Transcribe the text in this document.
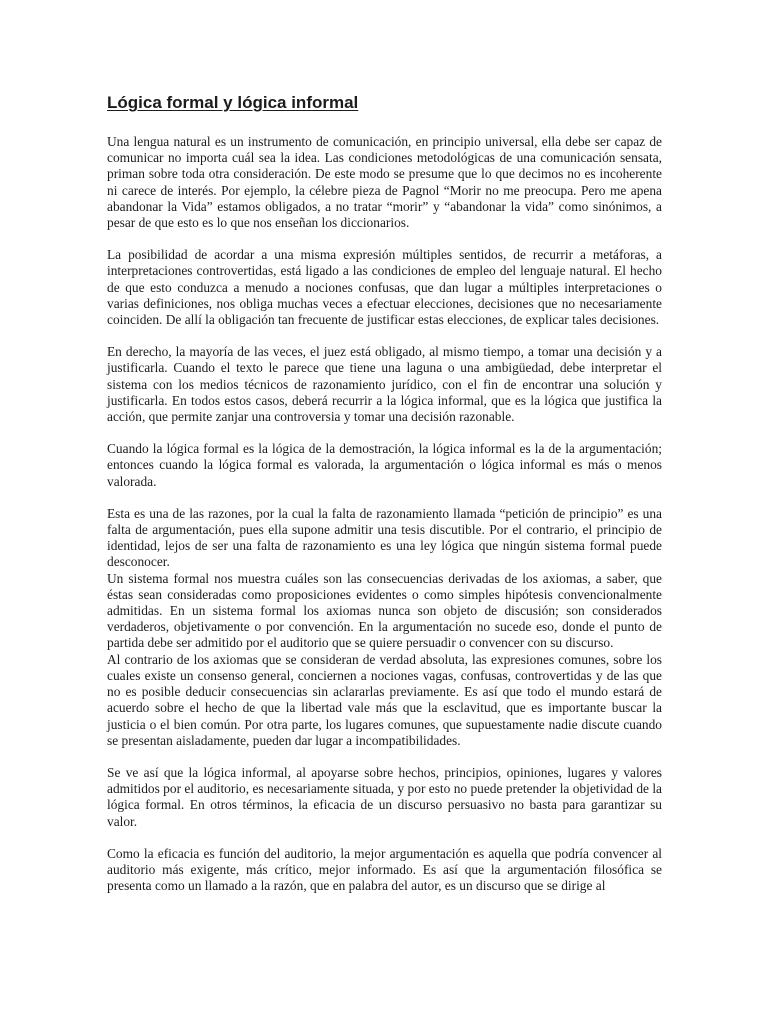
Lógica formal y lógica informal

Una lengua natural es un instrumento de comunicación, en principio universal, ella debe ser capaz de comunicar no importa cuál sea la idea. Las condiciones metodológicas de una comunicación sensata, priman sobre toda otra consideración. De este modo se presume que lo que decimos no es incoherente ni carece de interés. Por ejemplo, la célebre pieza de Pagnol “Morir no me preocupa. Pero me apena abandonar la Vida” estamos obligados, a no tratar “morir” y “abandonar la vida” como sinónimos, a pesar de que esto es lo que nos enseñan los diccionarios.

La posibilidad de acordar a una misma expresión múltiples sentidos, de recurrir a metáforas, a interpretaciones controvertidas, está ligado a las condiciones de empleo del lenguaje natural. El hecho de que esto conduzca a menudo a nociones confusas, que dan lugar a múltiples interpretaciones o varias definiciones, nos obliga muchas veces a efectuar elecciones, decisiones que no necesariamente coinciden. De allí la obligación tan frecuente de justificar estas elecciones, de explicar tales decisiones.

En derecho, la mayoría de las veces, el juez está obligado, al mismo tiempo, a tomar una decisión y a justificarla. Cuando el texto le parece que tiene una laguna o una ambigüedad, debe interpretar el sistema con los medios técnicos de razonamiento jurídico, con el fin de encontrar una solución y justificarla. En todos estos casos, deberá recurrir a la lógica informal, que es la lógica que justifica la acción, que permite zanjar una controversia y tomar una decisión razonable.

Cuando la lógica formal es la lógica de la demostración, la lógica informal es la de la argumentación; entonces cuando la lógica formal es valorada, la argumentación o lógica informal es más o menos valorada.

Esta es una de las razones, por la cual la falta de razonamiento llamada “petición de principio” es una falta de argumentación, pues ella supone admitir una tesis discutible. Por el contrario, el principio de identidad, lejos de ser una falta de razonamiento es una ley lógica que ningún sistema formal puede desconocer.

Un sistema formal nos muestra cuáles son las consecuencias derivadas de los axiomas, a saber, que éstas sean consideradas como proposiciones evidentes o como simples hipótesis convencionalmente admitidas. En un sistema formal los axiomas nunca son objeto de discusión; son considerados verdaderos, objetivamente o por convención. En la argumentación no sucede eso, donde el punto de partida debe ser admitido por el auditorio que se quiere persuadir o convencer con su discurso.

Al contrario de los axiomas que se consideran de verdad absoluta, las expresiones comunes, sobre los cuales existe un consenso general, conciernen a nociones vagas, confusas, controvertidas y de las que no es posible deducir consecuencias sin aclararlas previamente. Es así que todo el mundo estará de acuerdo sobre el hecho de que la libertad vale más que la esclavitud, que es importante buscar la justicia o el bien común. Por otra parte, los lugares comunes, que supuestamente nadie discute cuando se presentan aisladamente, pueden dar lugar a incompatibilidades.

Se ve así que la lógica informal, al apoyarse sobre hechos, principios, opiniones, lugares y valores admitidos por el auditorio, es necesariamente situada, y por esto no puede pretender la objetividad de la lógica formal. En otros términos, la eficacia de un discurso persuasivo no basta para garantizar su valor.

Como la eficacia es función del auditorio, la mejor argumentación es aquella que podría convencer al auditorio más exigente, más crítico, mejor informado. Es así que la argumentación filosófica se presenta como un llamado a la razón, que en palabra del autor, es un discurso que se dirige al
